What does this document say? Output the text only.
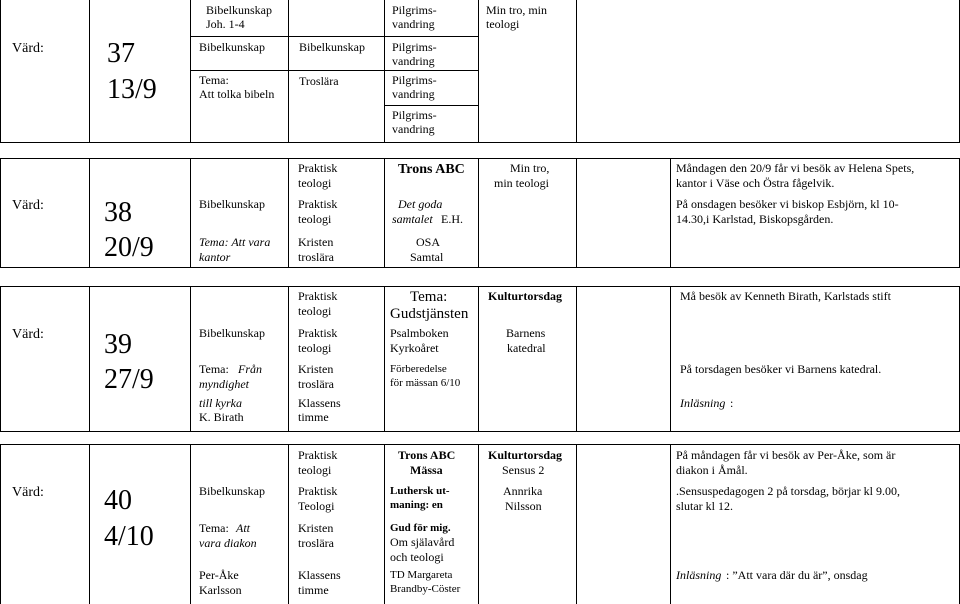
Värd: 37
13/9
Bibelkunskap
Joh. 1-4
Bibelkunskap
Tema:
Att tolka bibeln
Bibelkunskap
Troslära
Pilgrims-
vandring
Pilgrims-
vandring
Pilgrims-
vandring
Pilgrims-
vandring
Min tro, min
teologi
Värd: 38
20/9
Bibelkunskap
Tema: Att vara
kantor
Praktisk
teologi
Praktisk
teologi
Kristen
troslära
Trons ABC
Det goda
samtalet E.H.
OSA
Samtal
Min tro,
min teologi
Måndagen den 20/9 får vi besök av Helena Spets,
kantor i Väse och Östra fågelvik.
På onsdagen besöker vi biskop Esbjörn, kl 10-
14.30,i Karlstad, Biskopsgården.
Värd: 39
27/9
Bibelkunskap
Tema: Från
myndighet
till kyrka
K. Birath
Praktisk
teologi
Praktisk
teologi
Kristen
troslära
Klassens
timme
Tema:
Gudstjänsten
Psalmboken
Kyrkoåret
Förberedelse
för mässan 6/10
Kulturtorsdag
Barnens
katedral
Må besök av Kenneth Birath, Karlstads stift
På torsdagen besöker vi Barnens katedral.
Inläsning :
Värd: 40
4/10
Bibelkunskap
Tema: Att
vara diakon
Per-Åke
Karlsson
Praktisk
teologi
Praktisk
Teologi
Kristen
troslära
Klassens
timme
Trons ABC
Mässa
Luthersk ut-
maning: en
Gud för mig.
Om själavård
och teologi
TD Margareta
Brandby-Cöster
Kulturtorsdag
Sensus 2
Annrika
Nilsson
På måndagen får vi besök av Per-Åke, som är
diakon i Åmål.
.Sensuspedagogen 2 på torsdag, börjar kl 9.00,
slutar kl 12.
Inläsning : ”Att vara där du är”, onsdag
